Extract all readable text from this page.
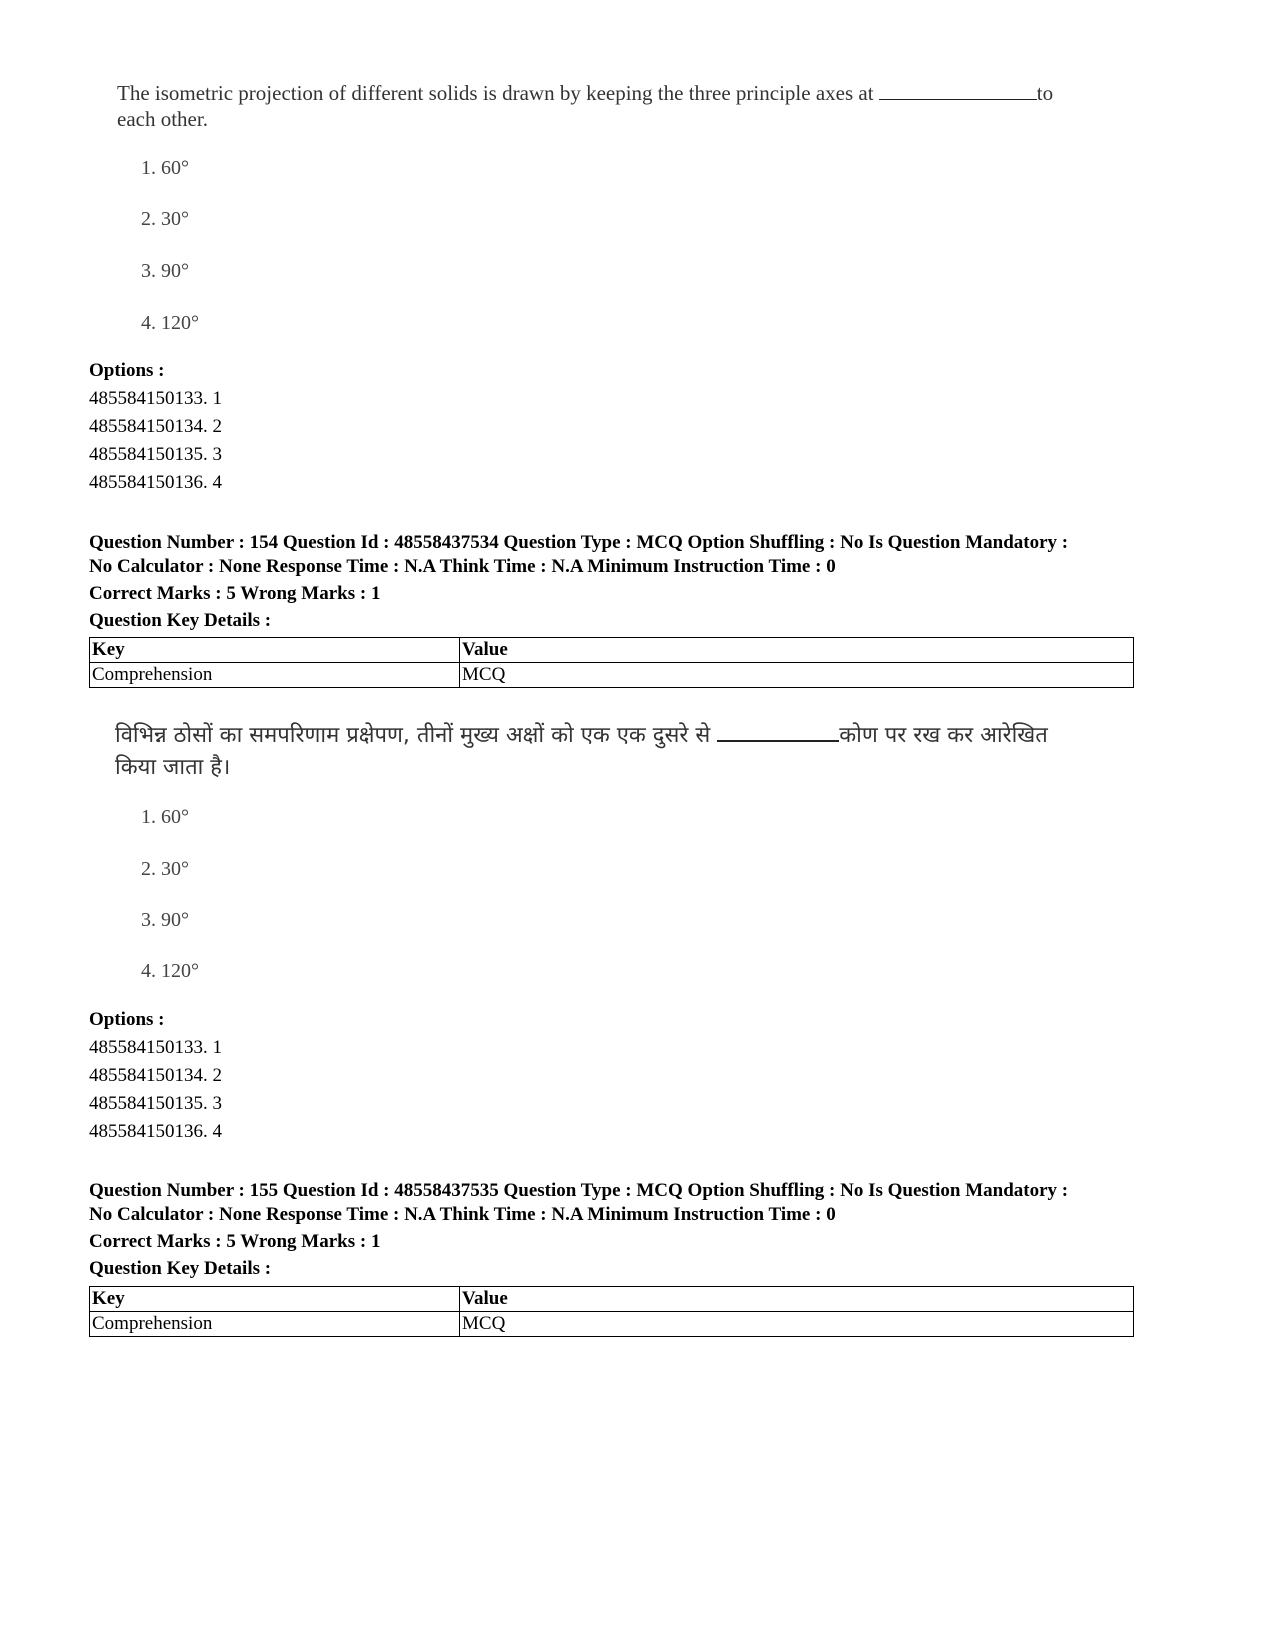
The isometric projection of different solids is drawn by keeping the three principle axes at	to
each other.
1. 60°
2. 30°
3. 90°
4. 120°
Options :
485584150133. 1
485584150134. 2
485584150135. 3
485584150136. 4
Question Number : 154 Question Id : 48558437534 Question Type : MCQ Option Shuffling : No Is Question Mandatory :
No Calculator : None Response Time : N.A Think Time : N.A Minimum Instruction Time : 0
Correct Marks : 5 Wrong Marks : 1
Question Key Details :
Key	Value
Comprehension	MCQ
विभिन्न ठोसों का समपरिणाम प्रक्षेपण, तीनों मुख्य अक्षों को एक एक दुसरे से	कोण पर रख कर आरेखित
किया जाता है।
1. 60°
2. 30°
3. 90°
4. 120°
Options :
485584150133. 1
485584150134. 2
485584150135. 3
485584150136. 4
Question Number : 155 Question Id : 48558437535 Question Type : MCQ Option Shuffling : No Is Question Mandatory :
No Calculator : None Response Time : N.A Think Time : N.A Minimum Instruction Time : 0
Correct Marks : 5 Wrong Marks : 1
Question Key Details :
Key	Value
Comprehension	MCQ
